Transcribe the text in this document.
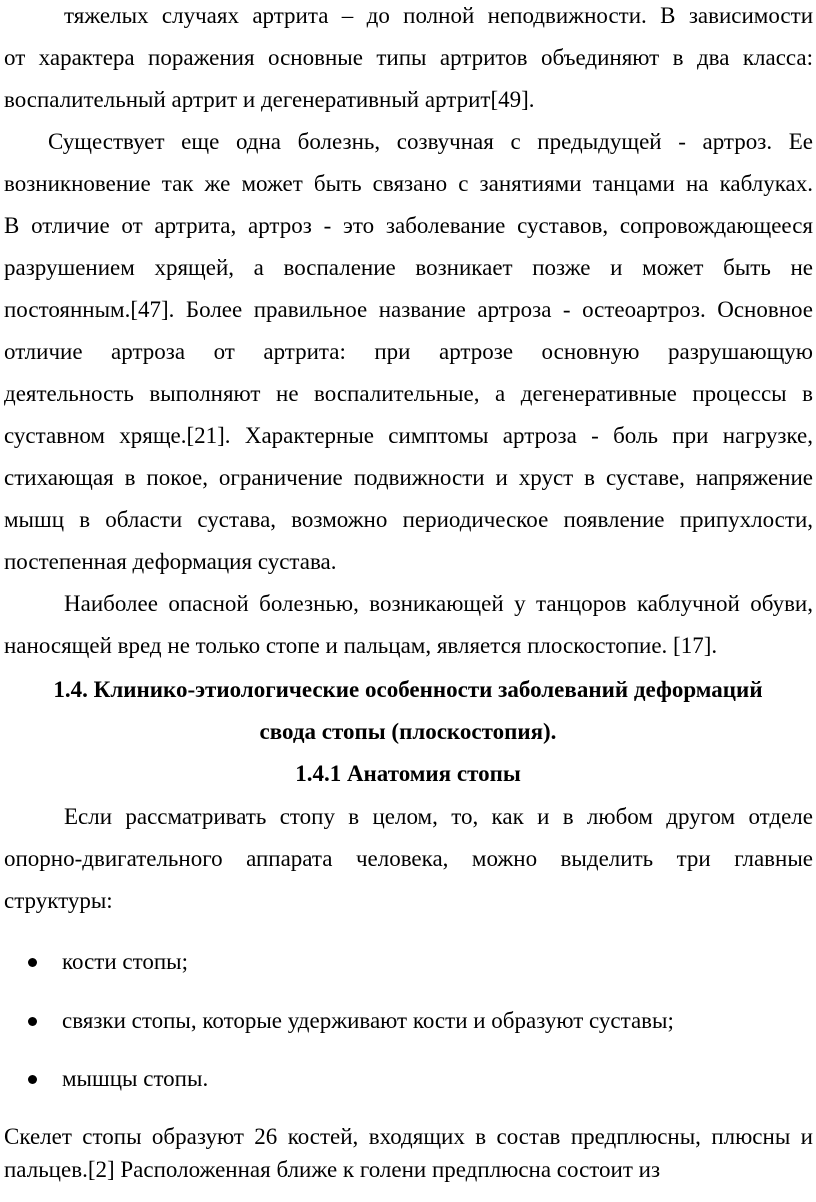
тяжелых случаях артрита – до полной неподвижности. В зависимости
от характера поражения основные типы артритов объединяют в два класса:
воспалительный артрит и дегенеративный артрит[49].
Существует еще одна болезнь, созвучная с предыдущей - артроз. Ее
возникновение так же может быть связано с занятиями танцами на каблуках.
В отличие от артрита, артроз - это заболевание суставов, сопровождающееся
разрушением хрящей, а воспаление возникает позже и может быть не
постоянным.[47]. Более правильное название артроза - остеоартроз. Основное
отличие артроза от артрита: при артрозе основную разрушающую
деятельность выполняют не воспалительные, а дегенеративные процессы в
суставном хряще.[21]. Характерные симптомы артроза - боль при нагрузке,
стихающая в покое, ограничение подвижности и хруст в суставе, напряжение
мышц в области сустава, возможно периодическое появление припухлости,
постепенная деформация сустава.
Наиболее опасной болезнью, возникающей у танцоров каблучной обуви,
наносящей вред не только стопе и пальцам, является плоскостопие. [17].
1.4. Клинико-этиологические особенности заболеваний деформаций
свода стопы (плоскостопия).
1.4.1 Анатомия стопы
Если рассматривать стопу в целом, то, как и в любом другом отделе
опорно-двигательного аппарата человека, можно выделить три главные
структуры:
кости стопы;
связки стопы, которые удерживают кости и образуют суставы;
мышцы стопы.
Скелет стопы образуют 26 костей, входящих в состав предплюсны, плюсны и
пальцев.[2] Расположенная ближе к голени предплюсна состоит из
